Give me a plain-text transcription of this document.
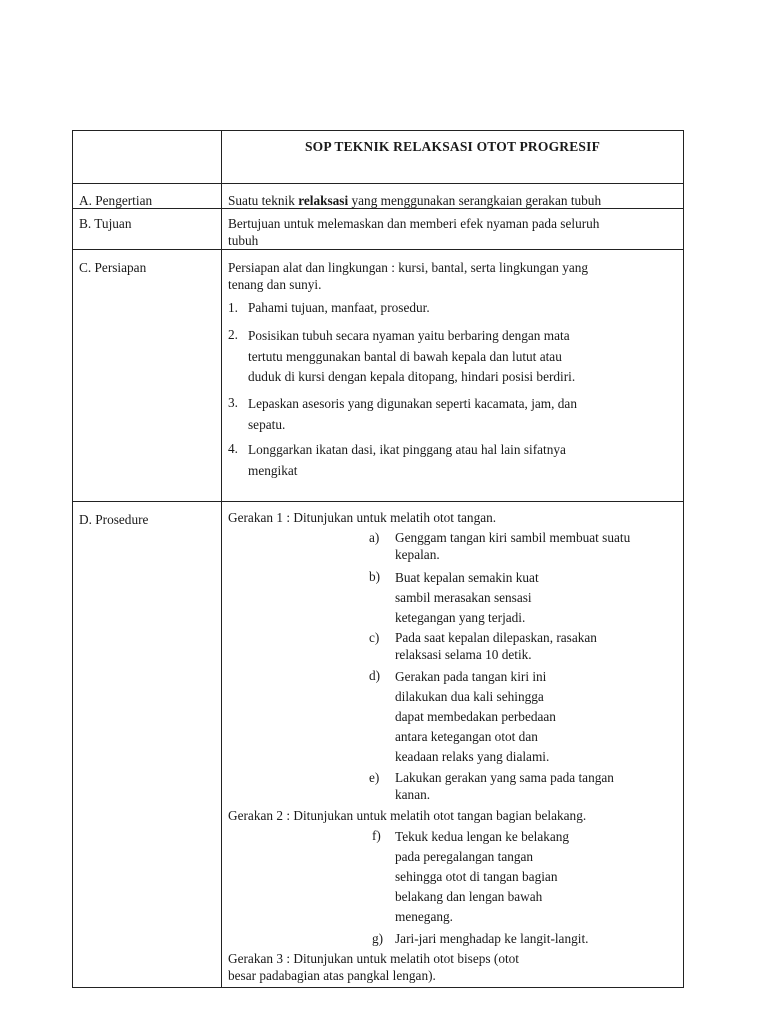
SOP TEKNIK RELAKSASI OTOT PROGRESIF
A. Pengertian	Suatu teknik relaksasi yang menggunakan serangkaian gerakan tubuh
B. Tujuan	Bertujuan untuk melemaskan dan memberi efek nyaman pada seluruh
tubuh
C. Persiapan	Persiapan alat dan lingkungan : kursi, bantal, serta lingkungan yang
tenang dan sunyi.
1. Pahami tujuan, manfaat, prosedur.
2. Posisikan tubuh secara nyaman yaitu berbaring dengan mata
tertutu menggunakan bantal di bawah kepala dan lutut atau
duduk di kursi dengan kepala ditopang, hindari posisi berdiri.
3. Lepaskan asesoris yang digunakan seperti kacamata, jam, dan
sepatu.
4. Longgarkan ikatan dasi, ikat pinggang atau hal lain sifatnya
mengikat
D. Prosedure	Gerakan 1 : Ditunjukan untuk melatih otot tangan.
a) Genggam tangan kiri sambil membuat suatu
kepalan.
b) Buat kepalan semakin kuat
sambil merasakan sensasi
ketegangan yang terjadi.
c) Pada saat kepalan dilepaskan, rasakan
relaksasi selama 10 detik.
d) Gerakan pada tangan kiri ini
dilakukan dua kali sehingga
dapat membedakan perbedaan
antara ketegangan otot dan
keadaan relaks yang dialami.
e) Lakukan gerakan yang sama pada tangan
kanan.
Gerakan 2 : Ditunjukan untuk melatih otot tangan bagian belakang.
f) Tekuk kedua lengan ke belakang
pada peregalangan tangan
sehingga otot di tangan bagian
belakang dan lengan bawah
menegang.
g) Jari-jari menghadap ke langit-langit.
Gerakan 3 : Ditunjukan untuk melatih otot biseps (otot
besar padabagian atas pangkal lengan).
